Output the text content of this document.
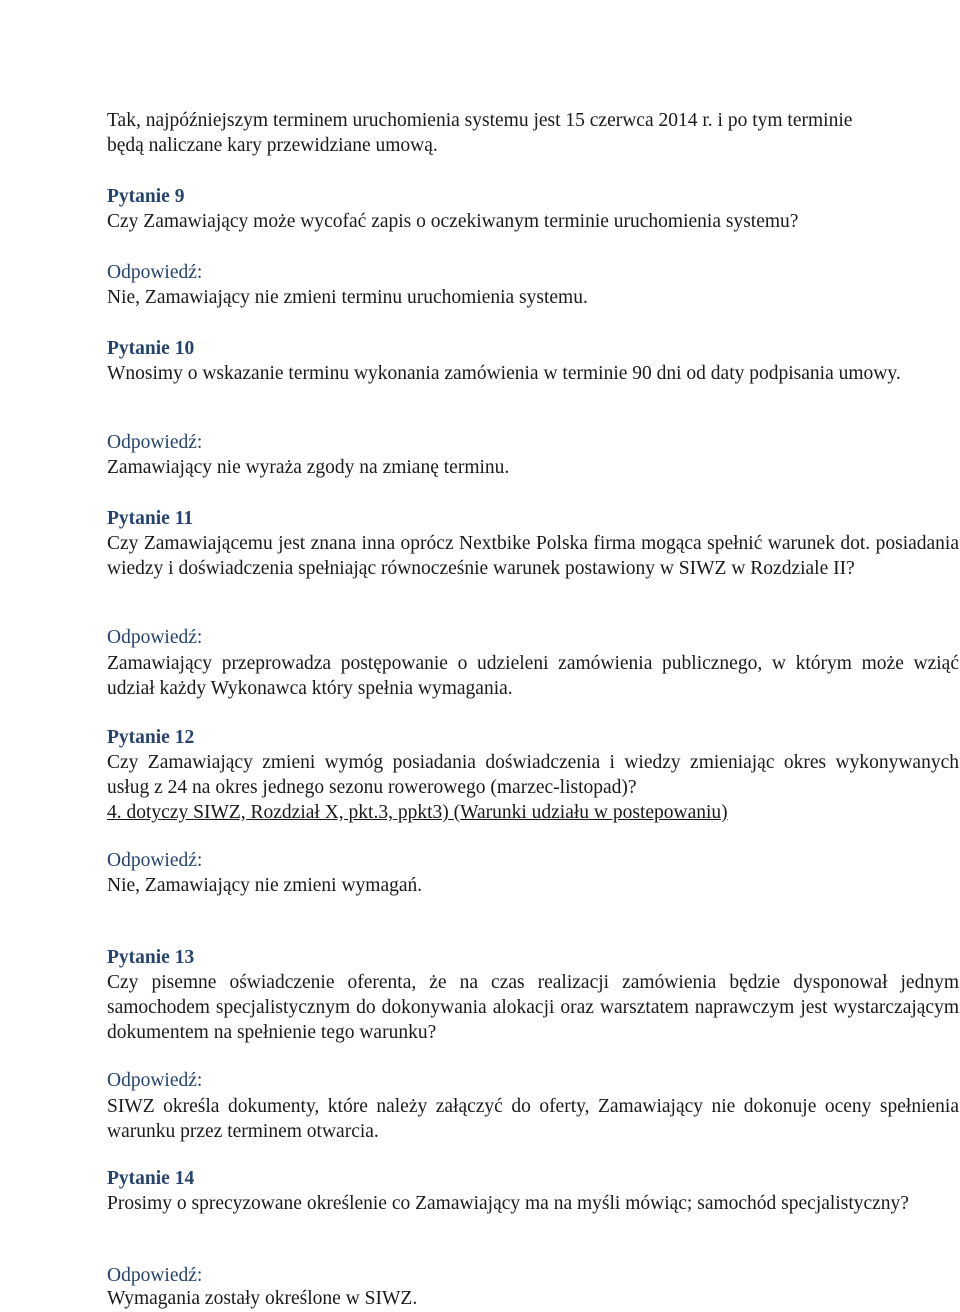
Tak, najpóźniejszym terminem uruchomienia systemu jest 15 czerwca 2014 r. i po tym terminie
będą naliczane kary przewidziane umową.
Pytanie 9
Czy Zamawiający może wycofać zapis o oczekiwanym terminie uruchomienia systemu?
Odpowiedź:
Nie, Zamawiający nie zmieni terminu uruchomienia systemu.
Pytanie 10
Wnosimy o wskazanie terminu wykonania zamówienia w terminie 90 dni od daty podpisania umowy.
Odpowiedź:
Zamawiający nie wyraża zgody na zmianę terminu.
Pytanie 11
Czy Zamawiającemu jest znana inna oprócz Nextbike Polska firma mogąca spełnić warunek dot. posiadania wiedzy i doświadczenia spełniając równocześnie warunek postawiony w SIWZ w Rozdziale II?
Odpowiedź:
Zamawiający przeprowadza postępowanie o udzieleni zamówienia publicznego, w którym może wziąć udział każdy Wykonawca który spełnia wymagania.
Pytanie 12
Czy Zamawiający zmieni wymóg posiadania doświadczenia i wiedzy zmieniając okres wykonywanych usług z 24 na okres jednego sezonu rowerowego (marzec-listopad)?
4. dotyczy SIWZ, Rozdział X, pkt.3, ppkt3) (Warunki udziału w postepowaniu)
Odpowiedź:
Nie, Zamawiający nie zmieni wymagań.
Pytanie 13
Czy pisemne oświadczenie oferenta, że na czas realizacji zamówienia będzie dysponował jednym samochodem specjalistycznym do dokonywania alokacji oraz warsztatem naprawczym jest wystarczającym dokumentem na spełnienie tego warunku?
Odpowiedź:
SIWZ określa dokumenty, które należy załączyć do oferty, Zamawiający nie dokonuje oceny spełnienia warunku przez terminem otwarcia.
Pytanie 14
Prosimy o sprecyzowane określenie co Zamawiający ma na myśli mówiąc; samochód specjalistyczny?
Odpowiedź:
Wymagania zostały określone w SIWZ.
